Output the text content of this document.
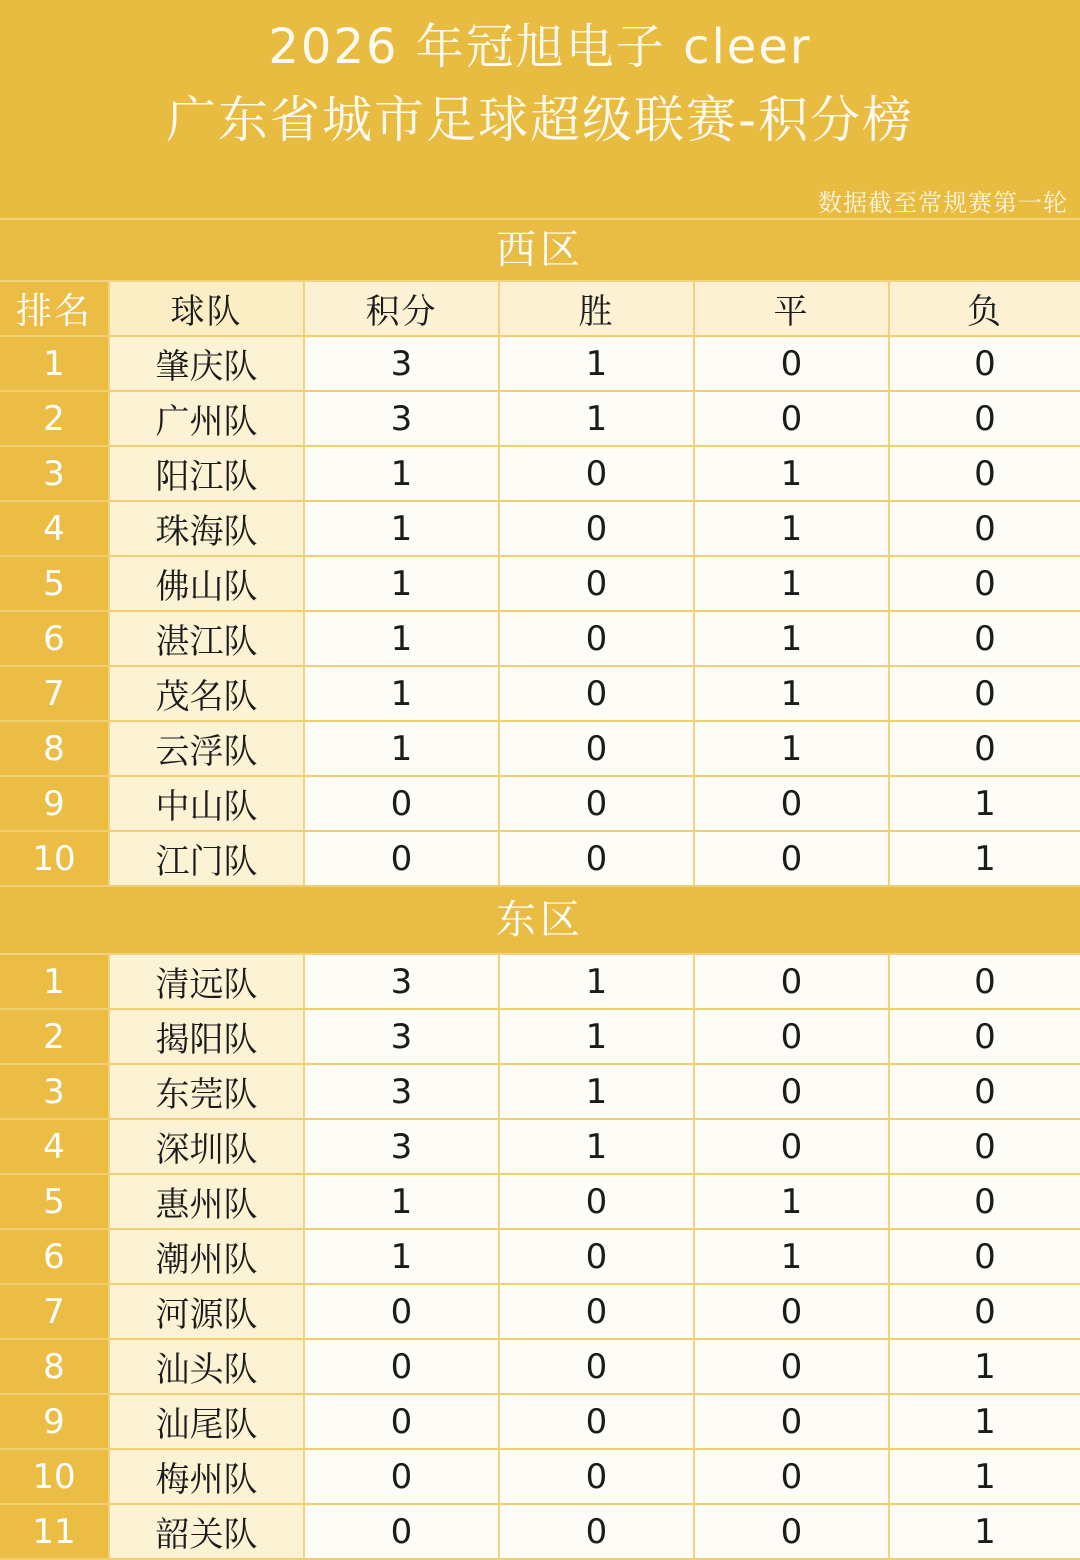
2026 年冠旭电子 cleer
广东省城市足球超级联赛-积分榜
数据截至常规赛第一轮
西区
排名	球队	积分	胜	平	负
1	肇庆队	3	1	0	0
2	广州队	3	1	0	0
3	阳江队	1	0	1	0
4	珠海队	1	0	1	0
5	佛山队	1	0	1	0
6	湛江队	1	0	1	0
7	茂名队	1	0	1	0
8	云浮队	1	0	1	0
9	中山队	0	0	0	1
10	江门队	0	0	0	1
东区
1	清远队	3	1	0	0
2	揭阳队	3	1	0	0
3	东莞队	3	1	0	0
4	深圳队	3	1	0	0
5	惠州队	1	0	1	0
6	潮州队	1	0	1	0
7	河源队	0	0	0	0
8	汕头队	0	0	0	1
9	汕尾队	0	0	0	1
10	梅州队	0	0	0	1
11	韶关队	0	0	0	1
